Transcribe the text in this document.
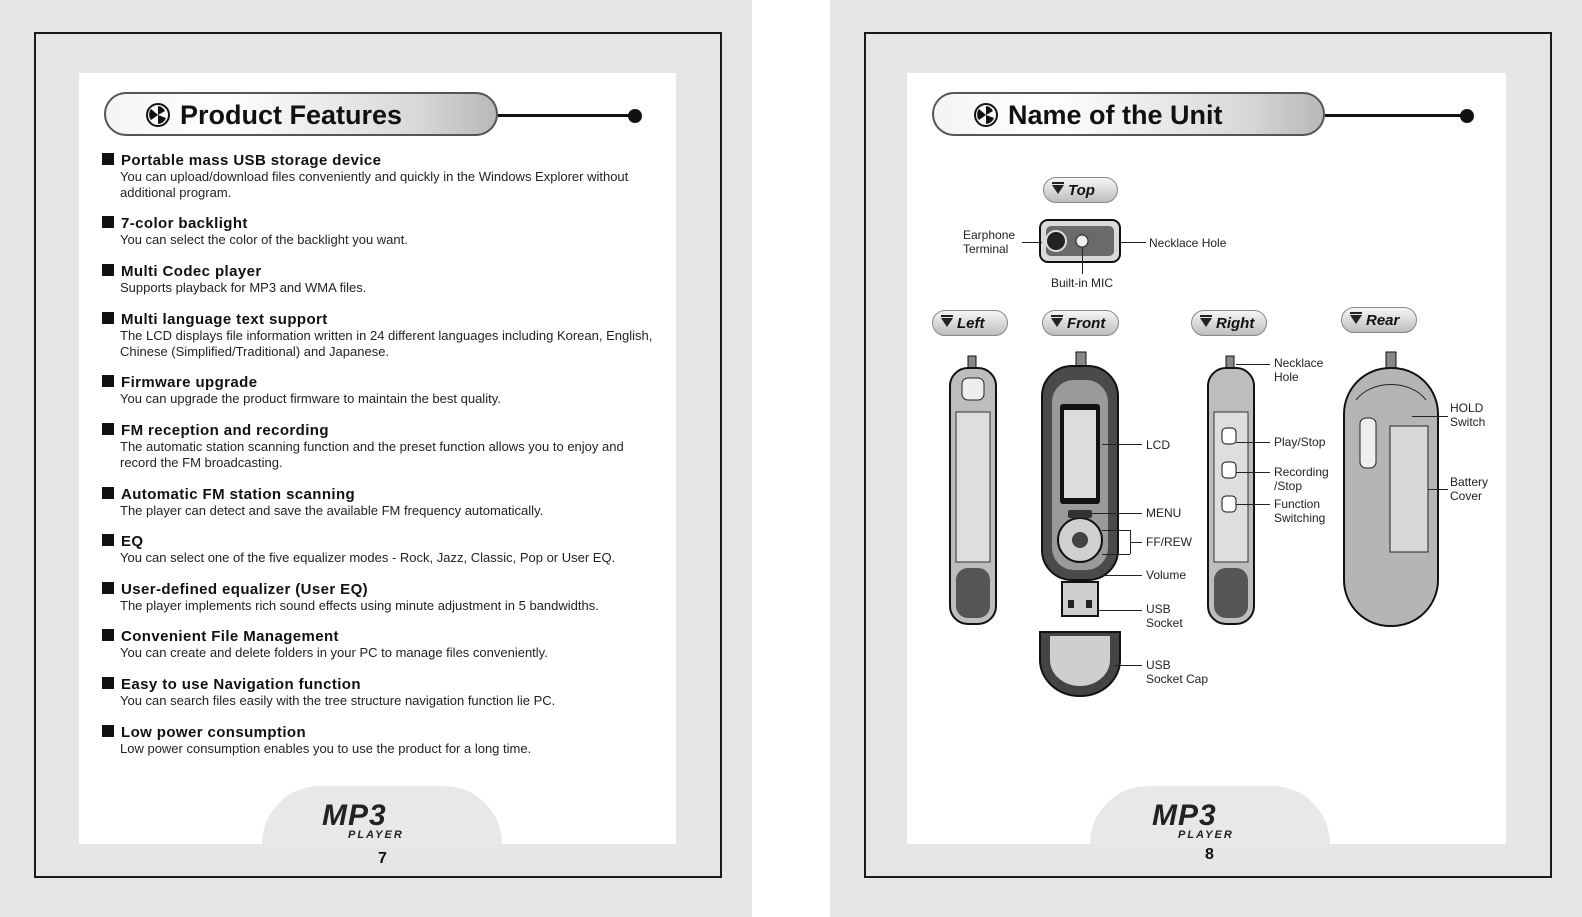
Product Features
Portable mass USB storage device
You can upload/download files conveniently and quickly in the Windows Explorer without additional program.
7-color backlight
You can select the color of the backlight you want.
Multi Codec player
Supports playback for MP3 and WMA files.
Multi language text support
The LCD displays file information written in 24 different languages including Korean, English, Chinese (Simplified/Traditional) and Japanese.
Firmware upgrade
You can upgrade the product firmware to maintain the best quality.
FM reception and recording
The automatic station scanning function and the preset function allows you to enjoy and record the FM broadcasting.
Automatic FM station scanning
The player can detect and save the available FM frequency automatically.
EQ
You can select one of the five equalizer modes - Rock, Jazz, Classic, Pop or User EQ.
User-defined equalizer (User EQ)
The player implements rich sound effects using minute adjustment in 5 bandwidths.
Convenient File Management
You can create and delete folders in your PC to manage files conveniently.
Easy to use Navigation function
You can search files easily with the tree structure navigation function lie PC.
Low power consumption
Low power consumption enables you to use the product for a long time.
MP3
PLAYER
7
Name of the Unit
Top
Left	Front	Right	Rear
Earphone
Terminal	Necklace Hole
Built-in MIC
LCD
MENU
FF/REW
Volume
USB
Socket
USB
Socket Cap
Necklace
Hole
Play/Stop
Recording
/Stop
Function
Switching
HOLD
Switch
Battery
Cover
MP3
PLAYER
8
